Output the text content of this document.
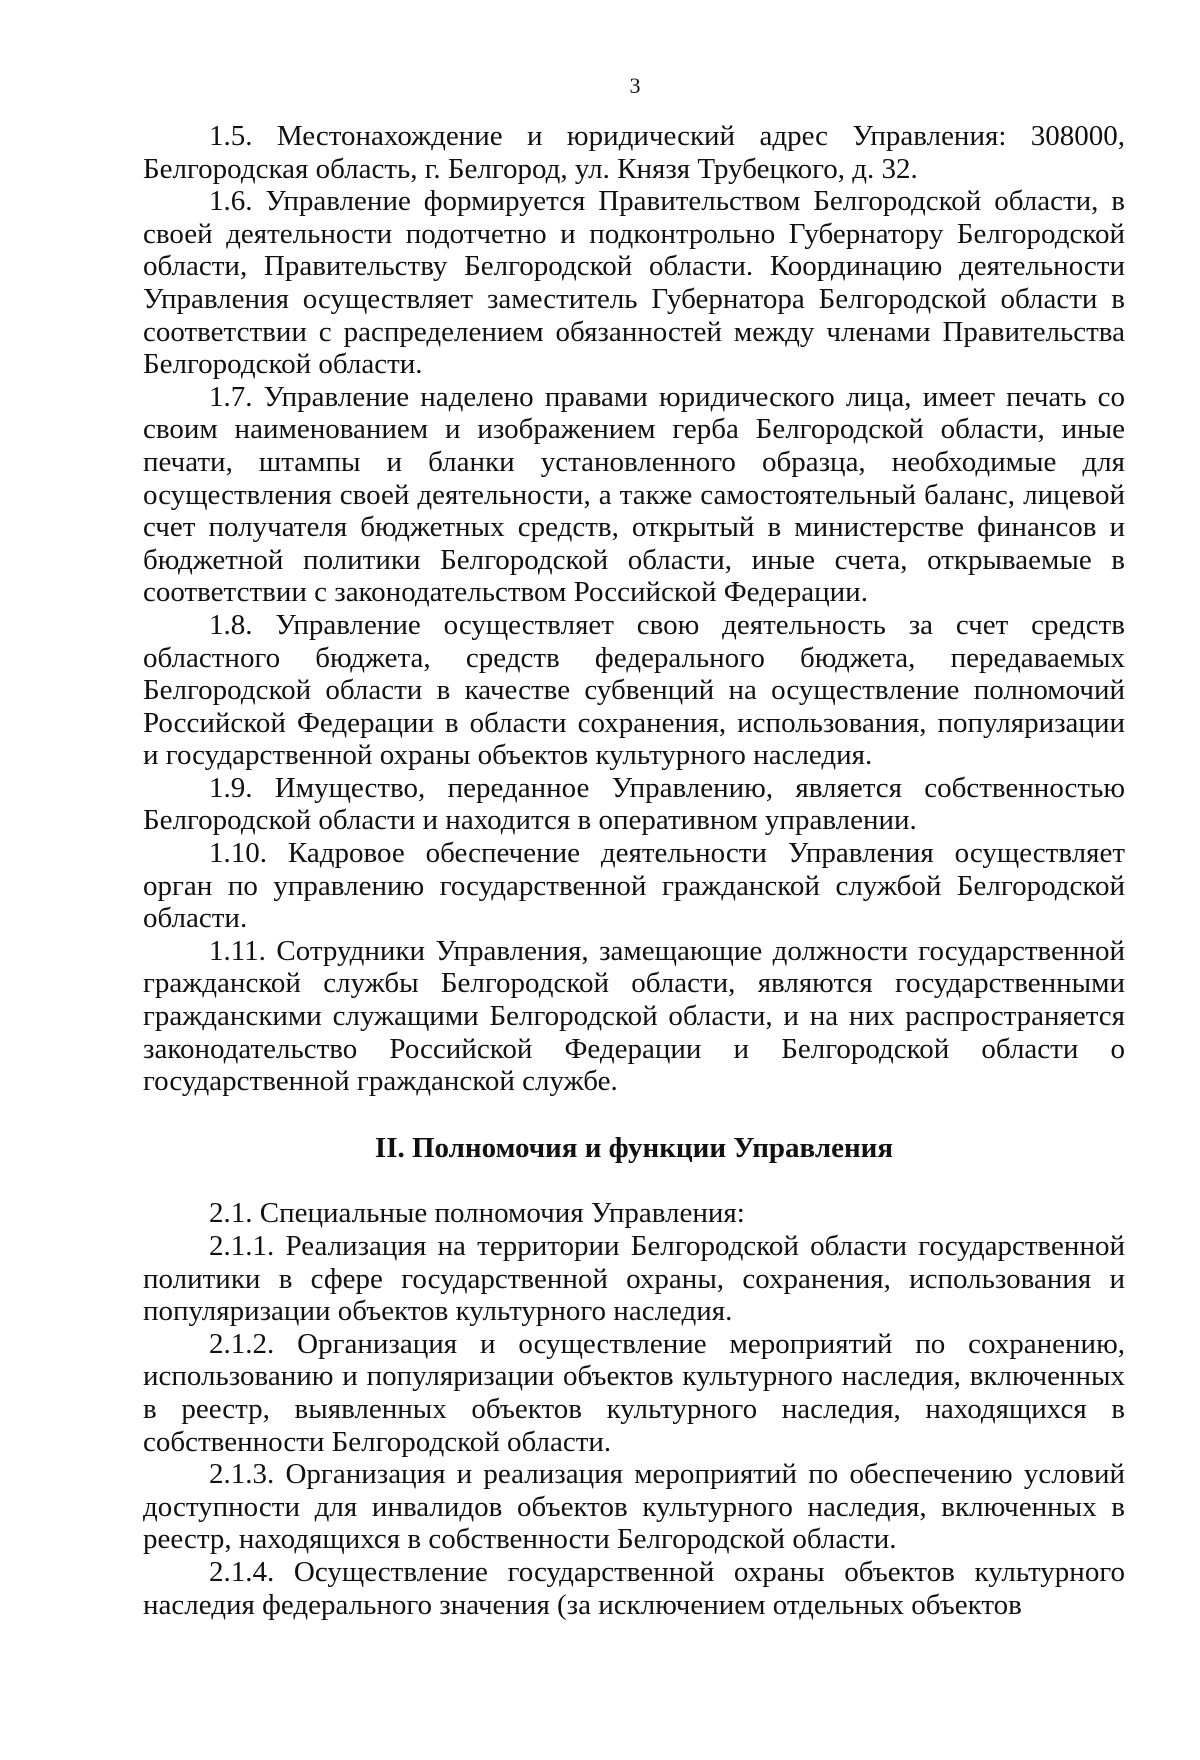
3

1.5. Местонахождение и юридический адрес Управления: 308000, Белгородская область, г. Белгород, ул. Князя Трубецкого, д. 32.

1.6. Управление формируется Правительством Белгородской области, в своей деятельности подотчетно и подконтрольно Губернатору Белгородской области, Правительству Белгородской области. Координацию деятельности Управления осуществляет заместитель Губернатора Белгородской области в соответствии с распределением обязанностей между членами Правительства Белгородской области.

1.7. Управление наделено правами юридического лица, имеет печать со своим наименованием и изображением герба Белгородской области, иные печати, штампы и бланки установленного образца, необходимые для осуществления своей деятельности, а также самостоятельный баланс, лицевой счет получателя бюджетных средств, открытый в министерстве финансов и бюджетной политики Белгородской области, иные счета, открываемые в соответствии с законодательством Российской Федерации.

1.8. Управление осуществляет свою деятельность за счет средств областного бюджета, средств федерального бюджета, передаваемых Белгородской области в качестве субвенций на осуществление полномочий Российской Федерации в области сохранения, использования, популяризации и государственной охраны объектов культурного наследия.

1.9. Имущество, переданное Управлению, является собственностью Белгородской области и находится в оперативном управлении.

1.10. Кадровое обеспечение деятельности Управления осуществляет орган по управлению государственной гражданской службой Белгородской области.

1.11. Сотрудники Управления, замещающие должности государственной гражданской службы Белгородской области, являются государственными гражданскими служащими Белгородской области, и на них распространяется законодательство Российской Федерации и Белгородской области о государственной гражданской службе.

II. Полномочия и функции Управления

2.1. Специальные полномочия Управления:

2.1.1. Реализация на территории Белгородской области государственной политики в сфере государственной охраны, сохранения, использования и популяризации объектов культурного наследия.

2.1.2. Организация и осуществление мероприятий по сохранению, использованию и популяризации объектов культурного наследия, включенных в реестр, выявленных объектов культурного наследия, находящихся в собственности Белгородской области.

2.1.3. Организация и реализация мероприятий по обеспечению условий доступности для инвалидов объектов культурного наследия, включенных в реестр, находящихся в собственности Белгородской области.

2.1.4. Осуществление государственной охраны объектов культурного наследия федерального значения (за исключением отдельных объектов
